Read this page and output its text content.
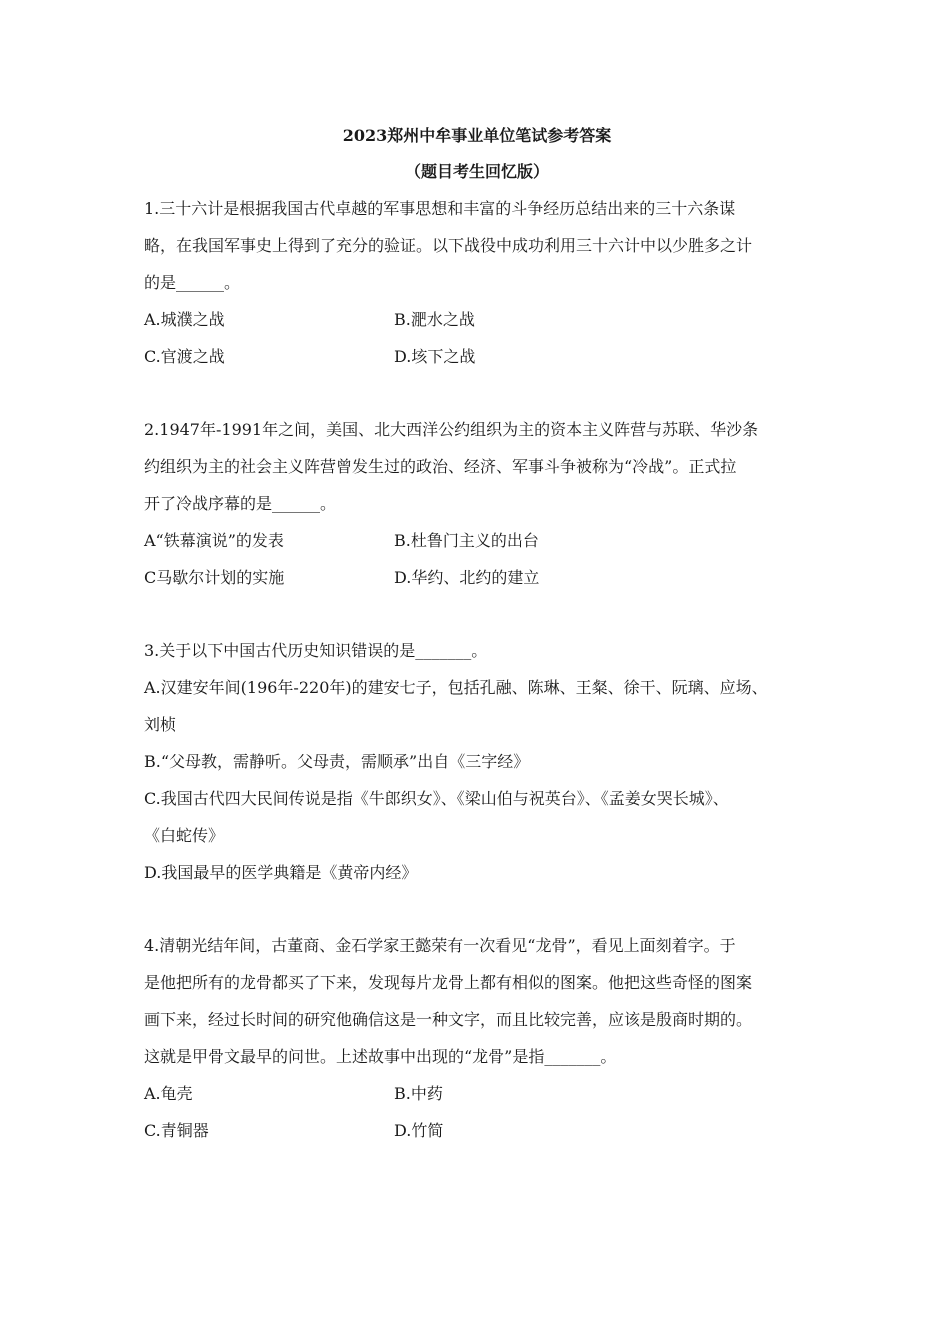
2023郑州中牟事业单位笔试参考答案

（题目考生回忆版）

1.三十六计是根据我国古代卓越的军事思想和丰富的斗争经历总结出来的三十六条谋

略，在我国军事史上得到了充分的验证。以下战役中成功利用三十六计中以少胜多之计

的是______。

A.城濮之战	B.淝水之战
C.官渡之战	D.垓下之战

2.1947年-1991年之间，美国、北大西洋公约组织为主的资本主义阵营与苏联、华沙条

约组织为主的社会主义阵营曾发生过的政治、经济、军事斗争被称为“冷战”。正式拉

开了冷战序幕的是______。

A“铁幕演说”的发表	B.杜鲁门主义的出台
C马歇尔计划的实施	D.华约、北约的建立

3.关于以下中国古代历史知识错误的是_______。

A.汉建安年间(196年-220年)的建安七子，包括孔融、陈琳、王粲、徐干、阮璃、应场、

刘桢

B.“父母教，需静听。父母责，需顺承”出自《三字经》

C.我国古代四大民间传说是指《牛郎织女》、《梁山伯与祝英台》、《孟姜女哭长城》、

《白蛇传》

D.我国最早的医学典籍是《黄帝内经》

4.清朝光结年间，古董商、金石学家王懿荣有一次看见“龙骨”，看见上面刻着字。于

是他把所有的龙骨都买了下来，发现每片龙骨上都有相似的图案。他把这些奇怪的图案

画下来，经过长时间的研究他确信这是一种文字，而且比较完善，应该是殷商时期的。

这就是甲骨文最早的问世。上述故事中出现的“龙骨”是指_______。

A.龟壳	B.中药
C.青铜器	D.竹简
